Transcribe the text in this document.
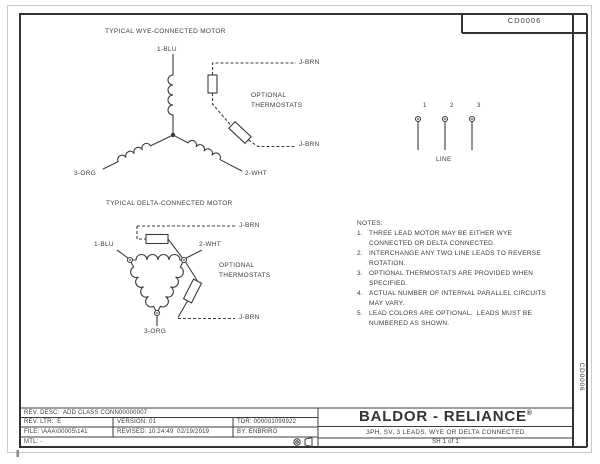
CD0006
CD0006
TYPICAL WYE-CONNECTED MOTOR
1-BLU
J-BRN
OPTIONAL
THERMOSTATS
J-BRN
3-ORG	2-WHT
TYPICAL DELTA-CONNECTED MOTOR
J-BRN
1-BLU	2-WHT
OPTIONAL
THERMOSTATS
J-BRN
3-ORG
1	2	3
LINE
NOTES:
1. THREE LEAD MOTOR MAY BE EITHER WYE
CONNECTED OR DELTA CONNECTED.
2. INTERCHANGE ANY TWO LINE LEADS TO REVERSE
ROTATION.
3. OPTIONAL THERMOSTATS ARE PROVIDED WHEN
SPECIFIED.
4. ACTUAL NUMBER OF INTERNAL PARALLEL CIRCUITS
MAY VARY.
5. LEAD COLORS ARE OPTIONAL.  LEADS MUST BE
NUMBERED AS SHOWN.
REV. DESC:  ADD CLASS CONN00000007
REV. LTR:  E	VERSION: 01	TDR: 000001099922
FILE: \AAA\00005\141	REVISED: 10:24:49  02/19/2019	BY: ENBRIRO
MTL: -
BALDOR - RELIANCE®
3PH, SV, 3 LEADS, WYE OR DELTA CONNECTED
SH 1 of 1
